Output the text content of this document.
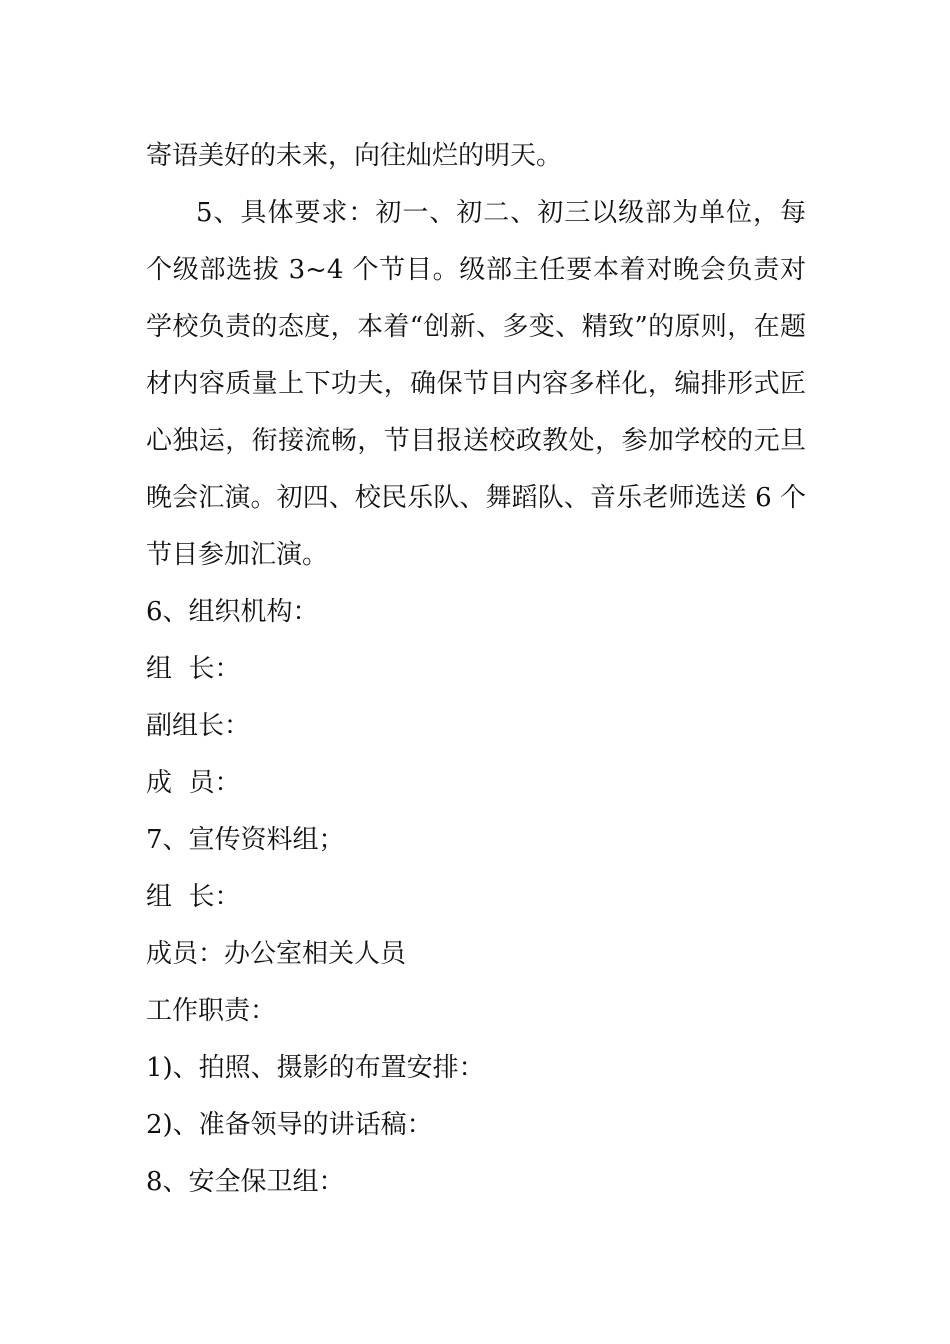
寄语美好的未来，向往灿烂的明天。

5、具体要求：初一、初二、初三以级部为单位，每个级部选拔 3~4 个节目。级部主任要本着对晚会负责对学校负责的态度，本着“创新、多变、精致”的原则，在题材内容质量上下功夫，确保节目内容多样化，编排形式匠心独运，衔接流畅，节目报送校政教处，参加学校的元旦晚会汇演。初四、校民乐队、舞蹈队、音乐老师选送 6 个节目参加汇演。

6、组织机构：

组  长：

副组长：

成  员：

7、宣传资料组；

组  长：

成员：办公室相关人员

工作职责：

1)、拍照、摄影的布置安排：

2)、准备领导的讲话稿：

8、安全保卫组：
